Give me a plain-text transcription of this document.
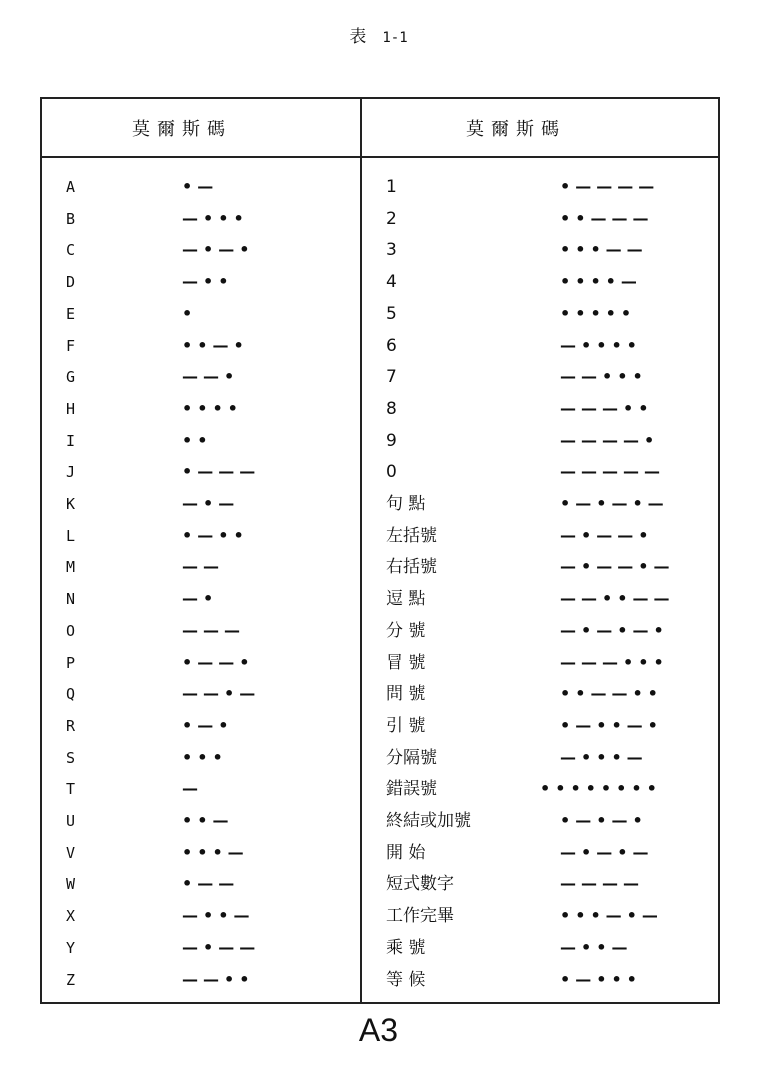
表 1-1
莫爾斯碼	莫爾斯碼
A	•—
B	—•••
C	—•—•
D	—••
E	•
F	••—•
G	——•
H	••••
I	••
J	•———
K	—•—
L	•—••
M	——
N	—•
O	———
P	•——•
Q	——•—
R	•—•
S	•••
T	—
U	••—
V	•••—
W	•——
X	—••—
Y	—•——
Z	——••
1	•————
2	••———
3	•••——
4	••••—
5	•••••
6	—••••
7	——•••
8	———••
9	————•
0	—————
句 點	•—•—•—
左括號	—•——•
右括號	—•——•—
逗 點	——••——
分 號	—•—•—•
冒 號	———•••
問 號	••——••
引 號	•—••—•
分隔號	—•••—
錯誤號	••••••••
終結或加號	•—•—•
開 始	—•—•—
短式數字	————
工作完畢	•••—•—
乘 號	—••—
等 候	•—•••
A3
